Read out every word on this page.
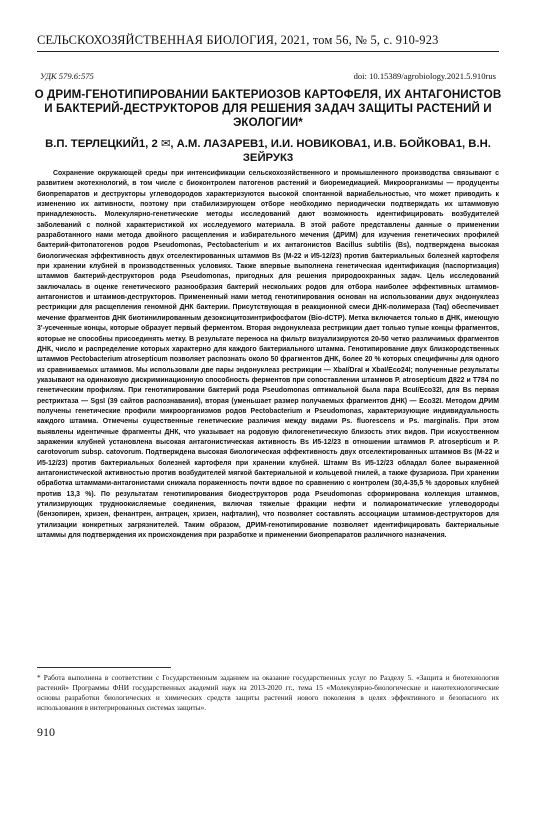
СЕЛЬСКОХОЗЯЙСТВЕННАЯ БИОЛОГИЯ, 2021, том 56, № 5, с. 910-923
УДК 579.6:575	doi: 10.15389/agrobiology.2021.5.910rus
О ДРИМ-ГЕНОТИПИРОВАНИИ БАКТЕРИОЗОВ КАРТОФЕЛЯ, ИХ АНТАГОНИСТОВ И БАКТЕРИЙ-ДЕСТРУКТОРОВ ДЛЯ РЕШЕНИЯ ЗАДАЧ ЗАЩИТЫ РАСТЕНИЙ И ЭКОЛОГИИ*
В.П. ТЕРЛЕЦКИЙ1, 2 ✉, А.М. ЛАЗАРЕВ1, И.И. НОВИКОВА1, И.В. БОЙКОВА1, В.Н. ЗЕЙРУК3

Сохранение окружающей среды при интенсификации сельскохозяйственного и промышленного производства связывают с развитием экотехнологий, в том числе с биоконтролем патогенов растений и биоремедиацией. Микроорганизмы — продуценты биопрепаратов и деструкторы углеводородов характеризуются высокой спонтанной вариабельностью, что может приводить к изменению их активности, поэтому при стабилизирующем отборе необходимо периодически подтверждать их штаммовую принадлежность. Молекулярно-генетические методы исследований дают возможность идентифицировать возбудителей заболеваний с полной характеристикой их исследуемого материала. В этой работе представлены данные о применении разработанного нами метода двойного расщепления и избирательного мечения (ДРИМ) для изучения генетических профилей бактерий-фитопатогенов родов Pseudomonas, Pectobacterium и их антагонистов Bacillus subtilis (Bs), подтверждена высокая биологическая эффективность двух отселектированных штаммов Bs (М-22 и И5-12/23) против бактериальных болезней картофеля при хранении клубней в производственных условиях. Также впервые выполнена генетическая идентификация (паспортизация) штаммов бактерий-деструкторов рода Pseudomonas, пригодных для решения природоохранных задач. Цель исследований заключалась в оценке генетического разнообразия бактерий нескольких родов для отбора наиболее эффективных штаммов-антагонистов и штаммов-деструкторов. Примененный нами метод генотипирования основан на использовании двух эндонуклеаз рестрикции для расщепления геномной ДНК бактерии. Присутствующая в реакционной смеси ДНК-полимераза (Taq) обеспечивает мечение фрагментов ДНК биотинилированным дезоксицитозинтрифосфатом (Bio-dCTP). Метка включается только в ДНК, имеющую 3'-усеченные концы, которые образует первый ферментом. Вторая эндонуклеаза рестрикции дает только тупые концы фрагментов, которые не способны присоединять метку. В результате переноса на фильтр визуализируются 20-50 четко различимых фрагментов ДНК, число и распределение которых характерно для каждого бактериального штамма. Генотипирование двух близкородственных штаммов Pectobacterium atrosepticum позволяет распознать около 50 фрагментов ДНК, более 20 % которых специфичны для одного из сравниваемых штаммов. Мы использовали две пары эндонуклеаз рестрикции — XbaI/DraI и XbaI/Eco24I; полученные результаты указывают на одинаковую дискриминационную способность ферментов при сопоставлении штаммов P. atrosepticum Д822 и Т784 по генетическим профилям. При генотипировании бактерий рода Pseudomonas оптимальной была пара BcuI/Eco32I, для Bs первая рестриктаза — SgsI (39 сайтов распознавания), вторая (уменьшает размер получаемых фрагментов ДНК) — Eco32I. Методом ДРИМ получены генетические профили микроорганизмов родов Pectobacterium и Pseudomonas, характеризующие индивидуальность каждого штамма. Отмечены существенные генетические различия между видами Ps. fluorescens и Ps. marginalis. При этом выявлены идентичные фрагменты ДНК, что указывает на родовую филогенетическую близость этих видов. При искусственном заражении клубней установлена высокая антагонистическая активность Bs И5-12/23 в отношении штаммов P. atrosepticum и P. carotovorum subsp. catovorum. Подтверждена высокая биологическая эффективность двух отселектированных штаммов Bs (М-22 и И5-12/23) против бактериальных болезней картофеля при хранении клубней. Штамм Bs И5-12/23 обладал более выраженной антагонистической активностью против возбудителей мягкой бактериальной и кольцевой гнилей, а также фузариоза. При хранении обработка штаммами-антагонистами снижала пораженность почти вдвое по сравнению с контролем (30,4-35,5 % здоровых клубней против 13,3 %). По результатам генотипирования биодеструкторов рода Pseudomonas сформирована коллекция штаммов, утилизирующих трудноокисляемые соединения, включая тяжелые фракции нефти и полиароматические углеводороды (бензопирен, хризен, фенантрен, антрацен, хризен, нафталин), что позволяет составлять ассоциации штаммов-деструкторов для утилизации конкретных загрязнителей. Таким образом, ДРИМ-генотипирование позволяет идентифицировать бактериальные штаммы для подтверждения их происхождения при разработке и применении биопрепаратов различного назначения.

* Работа выполнена в соответствии с Государственным заданием на оказание государственных услуг по Разделу 5. «Защита и биотехнология растений» Программы ФНИ государственных академий наук на 2013-2020 гг., тема 15 «Молекулярно-биологические и нанотехнологические основы разработки биологических и химических средств защиты растений нового поколения в целях эффективного и безопасного их использования в интегрированных системах защиты».

910
